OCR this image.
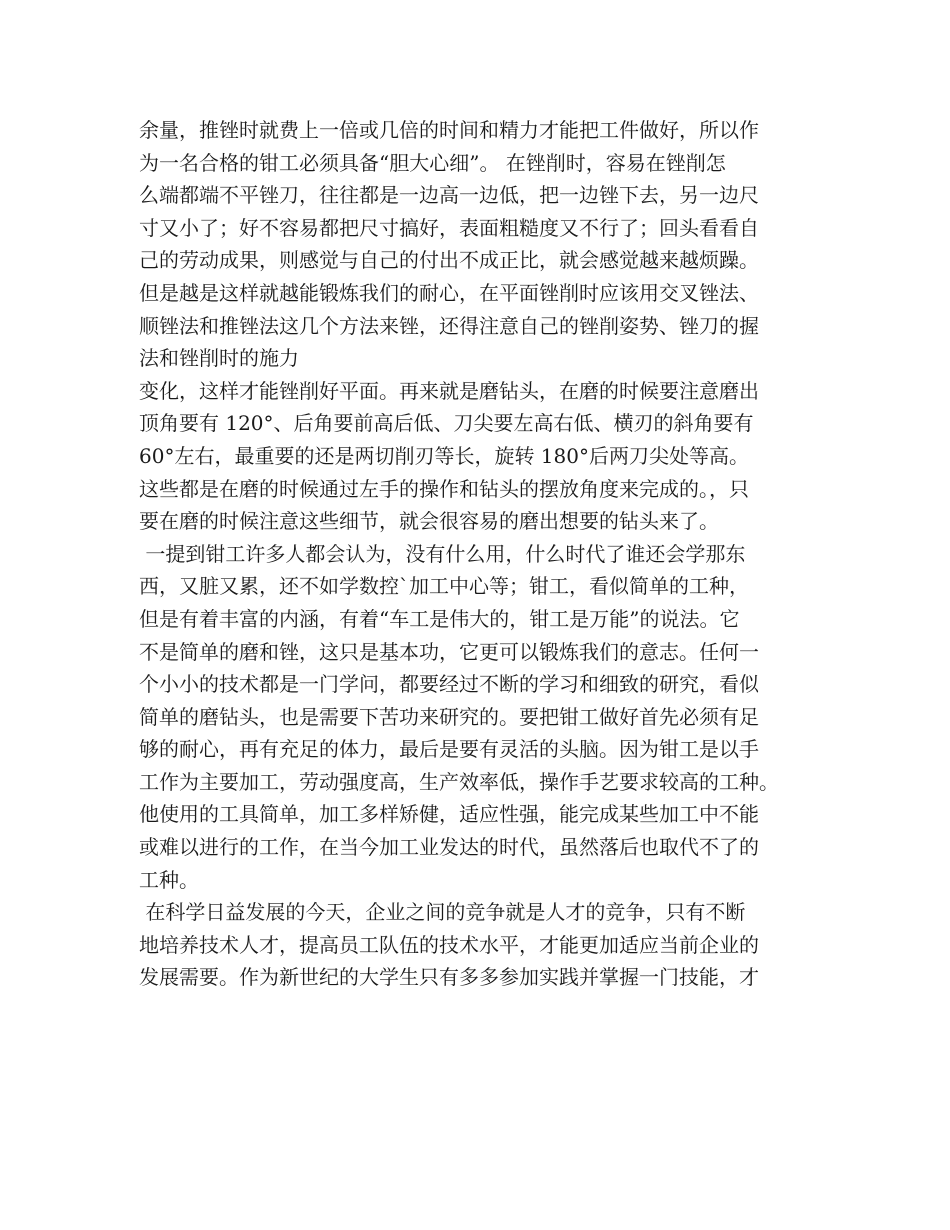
余量，推锉时就费上一倍或几倍的时间和精力才能把工件做好，所以作
为一名合格的钳工必须具备“胆大心细”。 在锉削时，容易在锉削怎
么端都端不平锉刀，往往都是一边高一边低，把一边锉下去，另一边尺
寸又小了；好不容易都把尺寸搞好，表面粗糙度又不行了；回头看看自
己的劳动成果，则感觉与自己的付出不成正比，就会感觉越来越烦躁。
但是越是这样就越能锻炼我们的耐心，在平面锉削时应该用交叉锉法、
顺锉法和推锉法这几个方法来锉，还得注意自己的锉削姿势、锉刀的握
法和锉削时的施力
变化，这样才能锉削好平面。再来就是磨钻头，在磨的时候要注意磨出
顶角要有 120°、后角要前高后低、刀尖要左高右低、横刃的斜角要有
60°左右，最重要的还是两切削刃等长，旋转 180°后两刀尖处等高。
这些都是在磨的时候通过左手的操作和钻头的摆放角度来完成的。，只
要在磨的时候注意这些细节，就会很容易的磨出想要的钻头来了。
一提到钳工许多人都会认为，没有什么用，什么时代了谁还会学那东
西，又脏又累，还不如学数控`加工中心等；钳工，看似简单的工种，
但是有着丰富的内涵，有着“车工是伟大的，钳工是万能”的说法。它
不是简单的磨和锉，这只是基本功，它更可以锻炼我们的意志。任何一
个小小的技术都是一门学问，都要经过不断的学习和细致的研究，看似
简单的磨钻头，也是需要下苦功来研究的。要把钳工做好首先必须有足
够的耐心，再有充足的体力，最后是要有灵活的头脑。因为钳工是以手
工作为主要加工，劳动强度高，生产效率低，操作手艺要求较高的工种。
他使用的工具简单，加工多样矫健，适应性强，能完成某些加工中不能
或难以进行的工作，在当今加工业发达的时代，虽然落后也取代不了的
工种。
在科学日益发展的今天，企业之间的竞争就是人才的竞争，只有不断
地培养技术人才，提高员工队伍的技术水平，才能更加适应当前企业的
发展需要。作为新世纪的大学生只有多多参加实践并掌握一门技能，才
